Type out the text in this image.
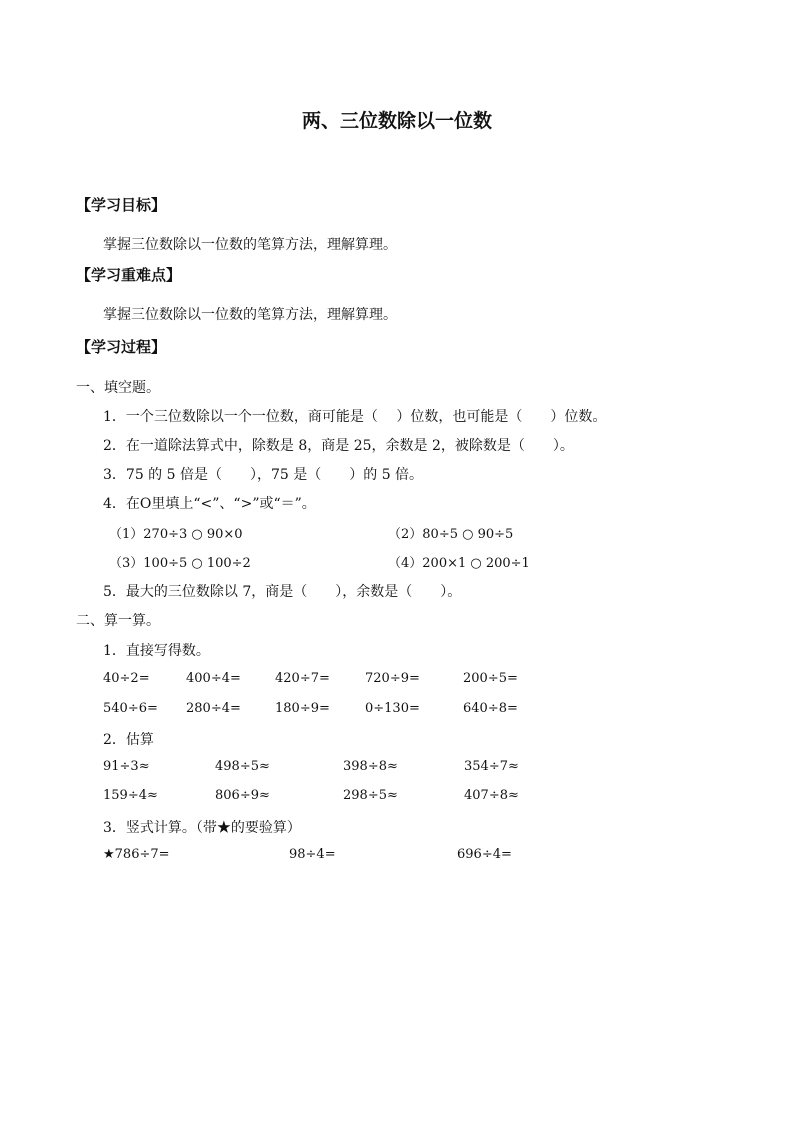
两、三位数除以一位数
【学习目标】
掌握三位数除以一位数的笔算方法，理解算理。
【学习重难点】
掌握三位数除以一位数的笔算方法，理解算理。
【学习过程】
一、填空题。
1．一个三位数除以一个一位数，商可能是（　 ）位数，也可能是（　　）位数。
2．在一道除法算式中，除数是 8，商是 25，余数是 2，被除数是（　　）。
3．75 的 5 倍是（　　），75 是（　　）的 5 倍。
4．在O里填上“<”、“>”或“＝”。
（1）270÷3 ○ 90×0	（2）80÷5 ○ 90÷5
（3）100÷5 ○ 100÷2	（4）200×1 ○ 200÷1
5．最大的三位数除以 7，商是（　　），余数是（　　）。
二、算一算。
1．直接写得数。
40÷2=	400÷4=	420÷7=	720÷9=	200÷5=
540÷6= 280÷4=	180÷9=	0÷130=	640÷8=
2．估算
91÷3≈	498÷5≈	398÷8≈	354÷7≈
159÷4≈	806÷9≈	298÷5≈	407÷8≈
3．竖式计算。（带★的要验算）
★786÷7=	98÷4=	696÷4=
